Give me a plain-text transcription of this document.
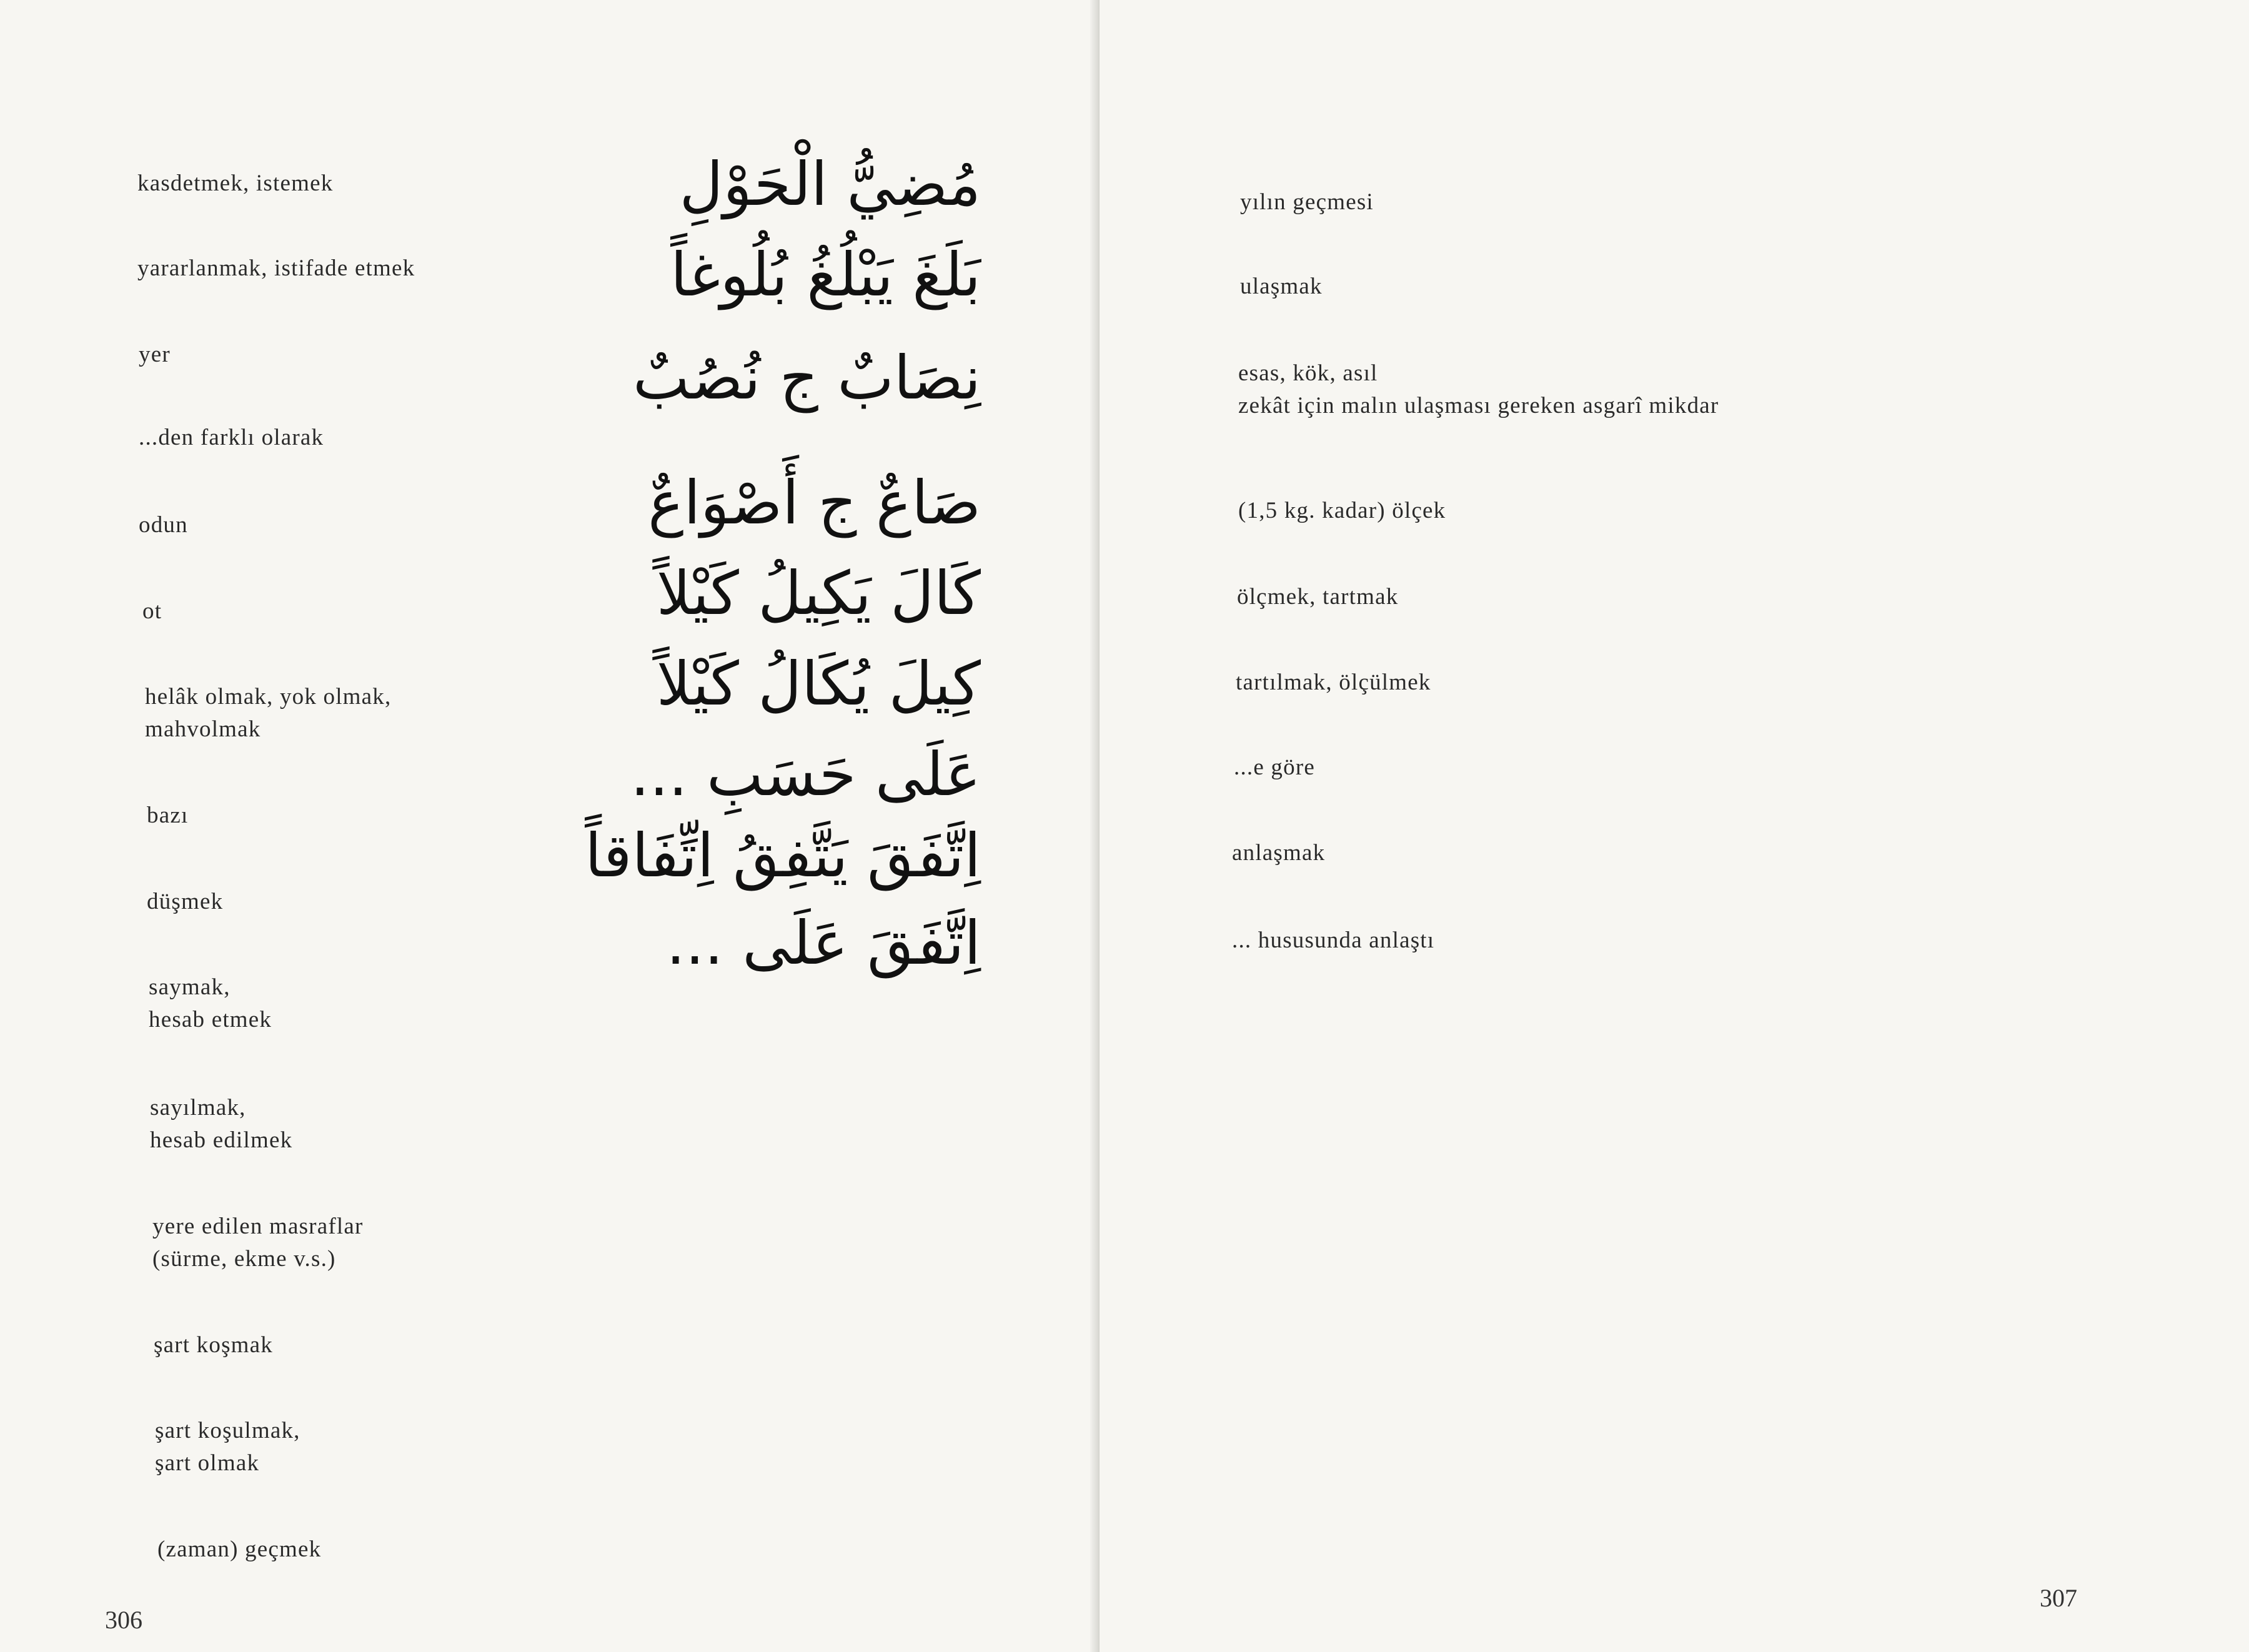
kasdetmek, istemek
yararlanmak, istifade etmek
yer
...den farklı olarak
odun
ot
helâk olmak, yok olmak,
mahvolmak
bazı
düşmek
saymak,
hesab etmek
sayılmak,
hesab edilmek
yere edilen masraflar
(sürme, ekme v.s.)
şart koşmak
şart koşulmak,
şart olmak
(zaman) geçmek
306
yılın geçmesi
مُضِيُّ الْحَوْلِ
ulaşmak
بَلَغَ يَبْلُغُ بُلُوغاً
esas, kök, asıl
zekât için malın ulaşması gereken asgarî mikdar
نِصَابٌ ج نُصُبٌ
(1,5 kg. kadar) ölçek
صَاعٌ ج أَصْوَاعٌ
ölçmek, tartmak
كَالَ يَكِيلُ كَيْلاً
tartılmak, ölçülmek
كِيلَ يُكَالُ كَيْلاً
...e göre
عَلَى حَسَبِ ...
anlaşmak
اِتَّفَقَ يَتَّفِقُ اِتِّفَاقاً
... hususunda anlaştı
اِتَّفَقَ عَلَى ...
307
